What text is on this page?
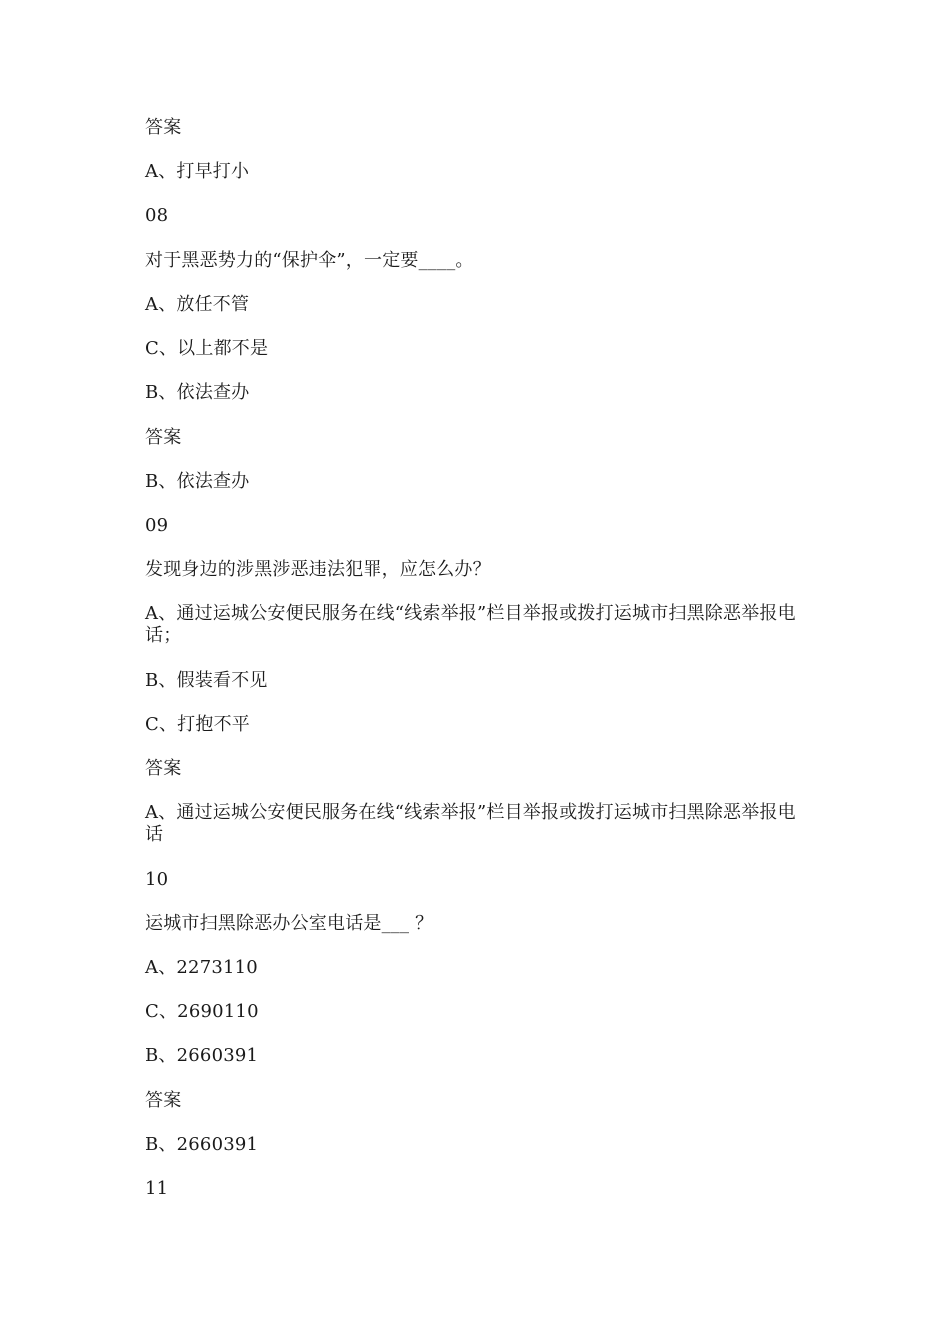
答案
A、打早打小
08
对于黑恶势力的“保护伞”，一定要____。
A、放任不管
C、以上都不是
B、依法查办
答案
B、依法查办
09
发现身边的涉黑涉恶违法犯罪，应怎么办？
A、通过运城公安便民服务在线“线索举报”栏目举报或拨打运城市扫黑除恶举报电话；
B、假装看不见
C、打抱不平
答案
A、通过运城公安便民服务在线“线索举报”栏目举报或拨打运城市扫黑除恶举报电话
10
运城市扫黑除恶办公室电话是___ ？
A、2273110
C、2690110
B、2660391
答案
B、2660391
11
